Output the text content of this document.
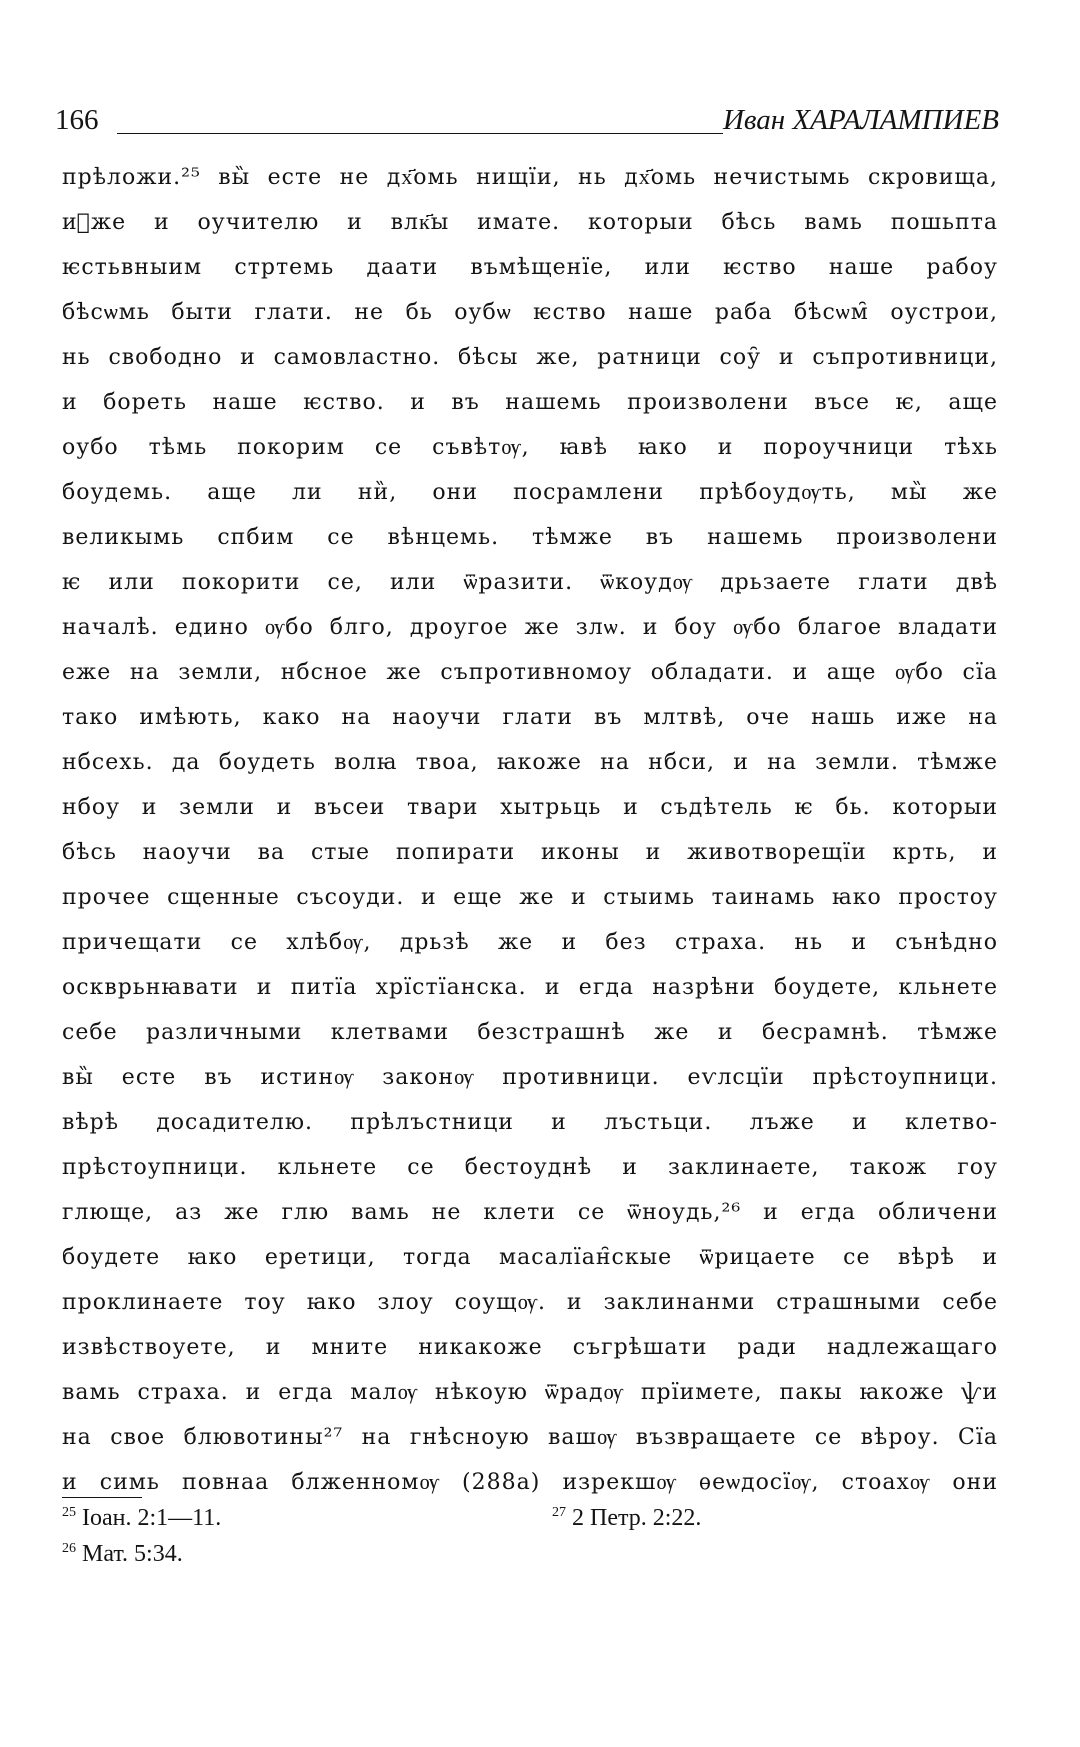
166	Иван ХАРАЛАМПИЕВ
прѣложи.²⁵ вы̏ есте не дх҃омь нищїи, нь дх҃омь нечистымь скровища,
иⷯже и оучителю и влк҃ы имате. которыи бѣсь вамь пошьпта
ѥстьвныим стртемь даати въмѣщенїе, или ѥство наше рабоу
бѣсѡмь быти глати. не бь оубѡ ѥство наше раба бѣсѡм̑ оустрои,
нь свободно и самовластно. бѣсы же, ратници соу̑ и съпротивници,
и бореть наше ѥство. и въ нашемь произволени въсе ѥ, аще
оубо тѣмь покорим се съвѣтѹ, ꙗвѣ ꙗко и пороучници тѣхь
боудемь. аще ли ни̏, они посрамлени прѣбоудѹть, мы̏ же
великымь спбим се вѣнцемь. тѣмже въ нашемь произволени
ѥ или покорити се, или ѿразити. ѿкоудѹ дрьзаете глати двѣ
началѣ. едино ѹбо блго, дроугое же злѡ. и боу ѹбо благое владати
еже на земли, нбсное же съпротивномоу обладати. и аще ѹбо сїа
тако имѣють, како на наоучи глати въ млтвѣ, оче нашь иже на
нбсехь. да боудеть волꙗ твоа, ꙗкоже на нбси, и на земли. тѣмже
нбоу и земли и въсеи твари хытрьць и съдѣтель ѥ бь. которыи
бѣсь наоучи ва стые попирати иконы и животворещїи крть, и
прочее сщенные съсоуди. и еще же и стыимь таинамь ꙗко простоу
причещати се хлѣбѹ, дрьзѣ же и без страха. нь и сънѣдно
оскврьнꙗвати и питїа хрїстїанска. и егда назрѣни боудете, кльнете
себе различными клетвами безстрашнѣ же и бесрамнѣ. тѣмже
вы̏ есте въ истинѹ законѹ противници. еѵлсцїи прѣстоупници.
вѣрѣ досадителю. прѣлъстници и лъстьци. лъже и клетво-
прѣстоупници. кльнете се бестоуднѣ и заклинаете, також гоу
глюще, аз же глю вамь не клети се ѿноудь,²⁶ и егда обличени
боудете ꙗко еретици, тогда масалїан̑скые ѿрицаете се вѣрѣ и
проклинаете тоу ꙗко злоу соущѹ. и заклинанми страшными себе
извѣствоуете, и мните никакоже съгрѣшати ради надлежащаго
вамь страха. и егда малѹ нѣкоую ѿрадѹ прїимете, пакы ꙗкоже ѱи
на свое блювотины²⁷ на гнѣсноую вашѹ възвращаете се вѣроу. Сїа
и симь повнаа блженномѹ (288а) изрекшѹ ѳеѡдосїѹ, стоахѹ они
$^{25}$ Іоан. 2:1—11.
$^{26}$ Мат. 5:34.
$^{27}$ 2 Петр. 2:22.
